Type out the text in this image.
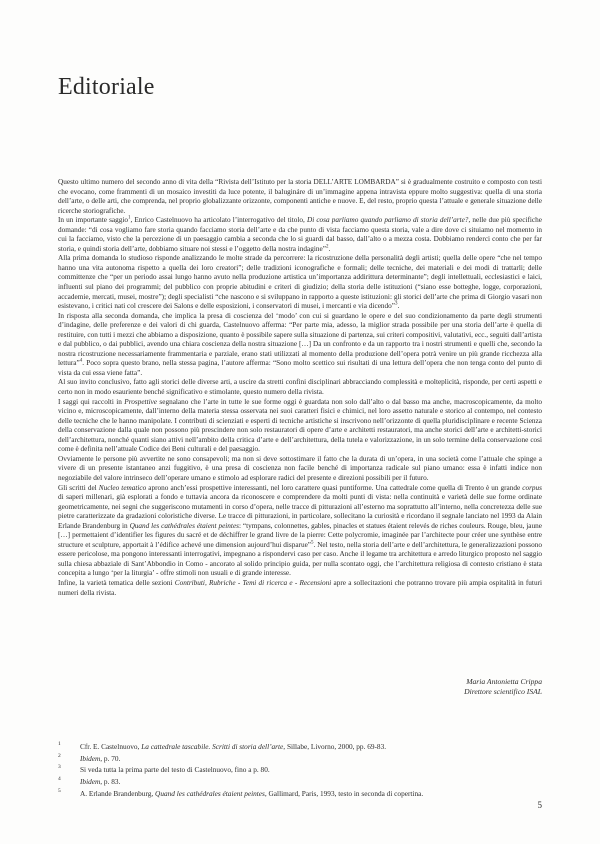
Editoriale

Questo ultimo numero del secondo anno di vita della “Rivista dell’Istituto per la storia DELL’ARTE LOMBARDA” si è gradualmente costruito e composto con testi che evocano, come frammenti di un mosaico investiti da luce potente, il balugináre di un’immagine appena intravista eppure molto suggestiva: quella di una storia dell’arte, o delle arti, che comprenda, nel proprio globalizzante orizzonte, componenti antiche e nuove. E, del resto, proprio questa l’attuale e generale situazione delle ricerche storiografiche.

In un importante saggio$^1$, Enrico Castelnuovo ha articolato l’interrogativo del titolo, Di cosa parliamo quando parliamo di storia dell’arte?, nelle due più specifiche domande: “di cosa vogliamo fare storia quando facciamo storia dell’arte e da che punto di vista facciamo questa storia, vale a dire dove ci situiamo nel momento in cui la facciamo, visto che la percezione di un paesaggio cambia a seconda che lo si guardi dal basso, dall’alto o a mezza costa. Dobbiamo renderci conto che per far storia, e quindi storia dell’arte, dobbiamo situare noi stessi e l’oggetto della nostra indagine”$^2$.

Alla prima domanda lo studioso risponde analizzando le molte strade da percorrere: la ricostruzione della personalità degli artisti; quella delle opere “che nel tempo hanno una vita autonoma rispetto a quella dei loro creatori”; delle tradizioni iconografiche e formali; delle tecniche, dei materiali e dei modi di trattarli; delle committenze che “per un periodo assai lungo hanno avuto nella produzione artistica un’importanza addirittura determinante”; degli intellettuali, ecclesiastici e laici, influenti sul piano dei programmi; del pubblico con proprie abitudini e criteri di giudizio; della storia delle istituzioni (“siano esse botteghe, logge, corporazioni, accademie, mercati, musei, mostre”); degli specialisti “che nascono e si sviluppano in rapporto a queste istituzioni: gli storici dell’arte che prima di Giorgio vasari non esistevano, i critici nati col crescere dei Salons e delle esposizioni, i conservatori di musei, i mercanti e via dicendo”$^3$.

In risposta alla seconda domanda, che implica la presa di coscienza del ‘modo’ con cui si guardano le opere e del suo condizionamento da parte degli strumenti d’indagine, delle preferenze e dei valori di chi guarda, Castelnuovo afferma: “Per parte mia, adesso, la miglior strada possibile per una storia dell’arte è quella di restituire, con tutti i mezzi che abbiamo a disposizione, quanto è possibile sapere sulla situazione di partenza, sui criteri compositivi, valutativi, ecc., seguiti dall’artista e dal pubblico, o dai pubblici, avendo una chiara coscienza della nostra situazione […] Da un confronto e da un rapporto tra i nostri strumenti e quelli che, secondo la nostra ricostruzione necessariamente frammentaria e parziale, erano stati utilizzati al momento della produzione dell’opera potrà venire un più grande ricchezza alla lettura”$^4$. Poco sopra questo brano, nella stessa pagina, l’autore afferma: “Sono molto scettico sui risultati di una lettura dell’opera che non tenga conto del punto di vista da cui essa viene fatta”.

Al suo invito conclusivo, fatto agli storici delle diverse arti, a uscire da stretti confini disciplinari abbracciando complessità e molteplicità, risponde, per certi aspetti e certo non in modo esauriente benché significativo e stimolante, questo numero della rivista.

I saggi qui raccolti in Prospettive segnalano che l’arte in tutte le sue forme oggi è guardata non solo dall’alto o dal basso ma anche, macroscopicamente, da molto vicino e, microscopicamente, dall’interno della materia stessa osservata nei suoi caratteri fisici e chimici, nel loro assetto naturale e storico al contempo, nel contesto delle tecniche che le hanno manipolate. I contributi di scienziati e esperti di tecniche artistiche si inscrivono nell’orizzonte di quella pluridisciplinare e recente Scienza della conservazione dalla quale non possono più prescindere non solo restauratori di opere d’arte e architetti restauratori, ma anche storici dell’arte e architetti-storici dell’architettura, nonché quanti siano attivi nell’ambito della critica d’arte e dell’architettura, della tutela e valorizzazione, in un solo termine della conservazione così come è definita nell’attuale Codice dei Beni culturali e del paesaggio.

Ovviamente le persone più avvertite ne sono consapevoli; ma non si deve sottostimare il fatto che la durata di un’opera, in una società come l’attuale che spinge a vivere di un presente istantaneo anzi fuggitivo, è una presa di coscienza non facile benché di importanza radicale sul piano umano: essa è infatti indice non negoziabile del valore intrinseco dell’operare umano e stimolo ad esplorare radici del presente e direzioni possibili per il futuro.

Gli scritti del Nucleo tematico aprono anch’essi prospettive interessanti, nel loro carattere quasi puntiforme. Una cattedrale come quella di Trento è un grande corpus di saperi millenari, già esplorati a fondo e tuttavia ancora da riconoscere e comprendere da molti punti di vista: nella continuità e varietà delle sue forme ordinate geometricamente, nei segni che suggeriscono mutamenti in corso d’opera, nelle tracce di pitturazioni all’esterno ma soprattutto all’interno, nella concretezza delle sue pietre caratterizzate da gradazioni coloristiche diverse. Le tracce di pitturazioni, in particolare, sollecitano la curiosità e ricordano il segnale lanciato nel 1993 da Alain Erlande Brandenburg in Quand les cathédrales étaient peintes: “tympans, colonnettes, gables, pinacles et statues étaient relevés de riches couleurs. Rouge, bleu, jaune […] permettaient d’identifier les figures du sacré et de déchiffrer le grand livre de la pierre: Cette polycromie, imaginée par l’architecte pour créer une synthèse entre structure et sculpture, apportait à l’édifice achevé une dimension aujourd’hui disparue”$^5$. Nel testo, nella storia dell’arte e dell’architettura, le generalizzazioni possono essere pericolose, ma pongono interessanti interrogativi, impegnano a rispondervi caso per caso. Anche il legame tra architettura e arredo liturgico proposto nel saggio sulla chiesa abbaziale di Sant’Abbondio in Como - ancorato al solido principio guida, per nulla scontato oggi, che l’architettura religiosa di contesto cristiano è stata concepita a lungo ‘per la liturgia’ - offre stimoli non usuali e di grande interesse.

Infine, la varietà tematica delle sezioni Contributi, Rubriche - Temi di ricerca e - Recensioni apre a sollecitazioni che potranno trovare più ampia ospitalità in futuri numeri della rivista.

Maria Antonietta Crippa
Direttore scientifico ISAL
1	Cfr. E. Castelnuovo, La cattedrale tascabile. Scritti di storia dell’arte, Sillabe, Livorno, 2000, pp. 69-83.
2	Ibidem, p. 70.
3	Si veda tutta la prima parte del testo di Castelnuovo, fino a p. 80.
4	Ibidem, p. 83.
5	A. Erlande Brandenburg, Quand les cathédrales étaient peintes, Gallimard, Paris, 1993, testo in seconda di copertina.
5
